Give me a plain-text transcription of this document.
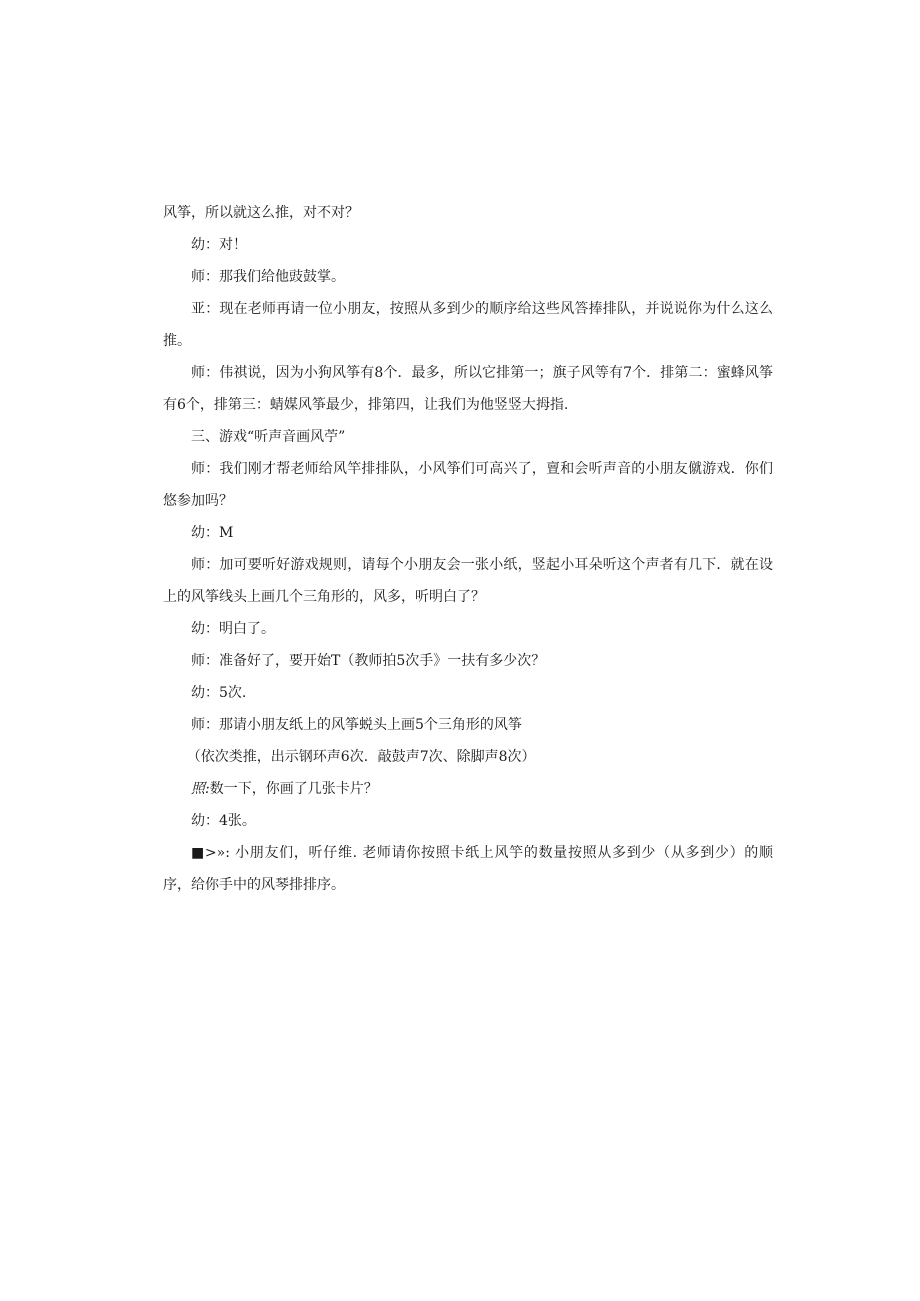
风筝，所以就这么推，对不对？

幼：对！

师：那我们给他豉鼓掌。

亚：现在老师再请一位小朋友，按照从多到少的顺序给这些风答捧排队，并说说你为什么这么推。

师：伟祺说，因为小狗风筝有8个．最多，所以它排第一；旗子风等有7个．排第二：蜜蜂风筝有6个，排第三：蜻媒风筝最少，排第四，让我们为他竖竖大拇指.

三、游戏“听声音画风苧”

师：我们刚才帮老师给风竿排排队，小风筝们可高兴了，亶和会听声音的小朋友僦游戏．你们悠参加吗？

幼：M

师：加可要听好游戏规则，请每个小朋友会一张小纸，竖起小耳朵听这个声者有几下．就在设上的风筝线头上画几个三角形的，风多，听明白了？

幼：明白了。

师：准备好了，要开始T（教师拍5次手》一扶有多少次？

幼：5次.

师：那请小朋友纸上的风筝蜕头上画5个三角形的风筝

（依次类推，出示钢环声6次．敲鼓声7次、除脚声8次）

照:数一下，你画了几张卡片？

幼：4张。

■>»: 小朋友们，听仔维. 老师请你按照卡纸上风竽的数量按照从多到少（从多到少）的顺序，给你手中的风琴排排序。
